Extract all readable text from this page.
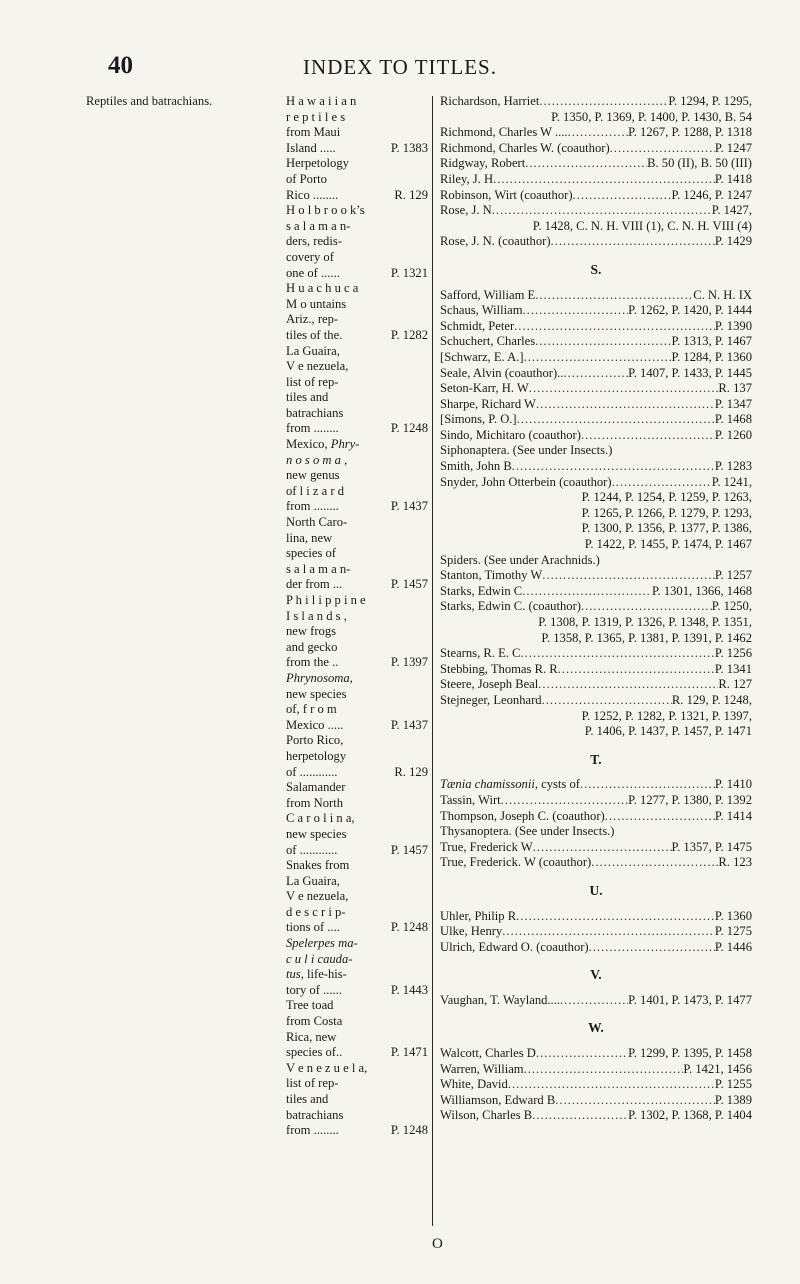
40	INDEX TO TITLES.
Reptiles and batrachians.	H a w a i i a n
r e p t i l e s
from Maui
Island .....	P. 1383
Herpetology
of Porto
Rico ........	R. 129
H o l b r o o k’s
s a l a m a n-
ders, redis-
covery of
one of ......	P. 1321
H u a c h u c a
M o untains
Ariz., rep-
tiles of the.	P. 1282
La Guaira,
V e nezuela,
list of rep-
tiles and
batrachians
from ........	P. 1248
Mexico, Phry-
n o s o m a ,
new genus
of l i z a r d
from ........	P. 1437
North Caro-
lina, new
species of
s a l a m a n-
der from ...	P. 1457
P h i l i p p i n e
I s l a n d s ,
new frogs
and gecko
from the ..	P. 1397
Phrynosoma,
new species
of, f r o m
Mexico .....	P. 1437
Porto Rico,
herpetology
of ............	R. 129
Salamander
from North
C a r o l i n a,
new species
of ............	P. 1457
Snakes from
La Guaira,
V e nezuela,
d e s c r i p-
tions of ....	P. 1248
Spelerpes ma-
c u l i cauda-
tus, life-his-
tory of ......	P. 1443
Tree toad
from Costa
Rica, new
species of..	P. 1471
V e n e z u e l a,
list of rep-
tiles and
batrachians
from ........	P. 1248
Richardson, Harriet .....	P. 1294, P. 1295,
P. 1350, P. 1369, P. 1400, P. 1430, B. 54
Richmond, Charles W .... .....	P. 1267, P. 1288, P. 1318
Richmond, Charles W. (coauthor) .....	P. 1247
Ridgway, Robert .....	B. 50 (II), B. 50 (III)
Riley, J. H .....	P. 1418
Robinson, Wirt (coauthor) .....	P. 1246, P. 1247
Rose, J. N .....	P. 1427,
P. 1428, C. N. H. VIII (1), C. N. H. VIII (4)
Rose, J. N. (coauthor) .....	P. 1429
S.
Safford, William E .....	C. N. H. IX
Schaus, William .....	P. 1262, P. 1420, P. 1444
Schmidt, Peter .....	P. 1390
Schuchert, Charles .....	P. 1313, P. 1467
[Schwarz, E. A.] .....	P. 1284, P. 1360
Seale, Alvin (coauthor).. .....	P. 1407, P. 1433, P. 1445
Seton-Karr, H. W .....	R. 137
Sharpe, Richard W .....	P. 1347
[Simons, P. O.] .....	P. 1468
Sindo, Michitaro (coauthor) .....	P. 1260
Siphonaptera. (See under Insects.)
Smith, John B .....	P. 1283
Snyder, John Otterbein (coauthor) .....	P. 1241,
P. 1244, P. 1254, P. 1259, P. 1263,
P. 1265, P. 1266, P. 1279, P. 1293,
P. 1300, P. 1356, P. 1377, P. 1386,
P. 1422, P. 1455, P. 1474, P. 1467
Spiders. (See under Arachnids.)
Stanton, Timothy W .....	P. 1257
Starks, Edwin C .....	P. 1301, 1366, 1468
Starks, Edwin C. (coauthor) .....	P. 1250,
P. 1308, P. 1319, P. 1326, P. 1348, P. 1351,
P. 1358, P. 1365, P. 1381, P. 1391, P. 1462
Stearns, R. E. C .....	P. 1256
Stebbing, Thomas R. R .....	P. 1341
Steere, Joseph Beal .....	R. 127
Stejneger, Leonhard .....	R. 129, P. 1248,
P. 1252, P. 1282, P. 1321, P. 1397,
P. 1406, P. 1437, P. 1457, P. 1471
T.
Tænia chamissonii, cysts of .....	P. 1410
Tassin, Wirt .....	P. 1277, P. 1380, P. 1392
Thompson, Joseph C. (coauthor) .....	P. 1414
Thysanoptera. (See under Insects.)
True, Frederick W .....	P. 1357, P. 1475
True, Frederick. W (coauthor) .....	R. 123
U.
Uhler, Philip R .....	P. 1360
Ulke, Henry .....	P. 1275
Ulrich, Edward O. (coauthor) .....	P. 1446
V.
Vaughan, T. Wayland.... .....	P. 1401, P. 1473, P. 1477
W.
Walcott, Charles D .....	P. 1299, P. 1395, P. 1458
Warren, William .....	P. 1421, 1456
White, David .....	P. 1255
Williamson, Edward B .....	P. 1389
Wilson, Charles B .....	P. 1302, P. 1368, P. 1404
O
